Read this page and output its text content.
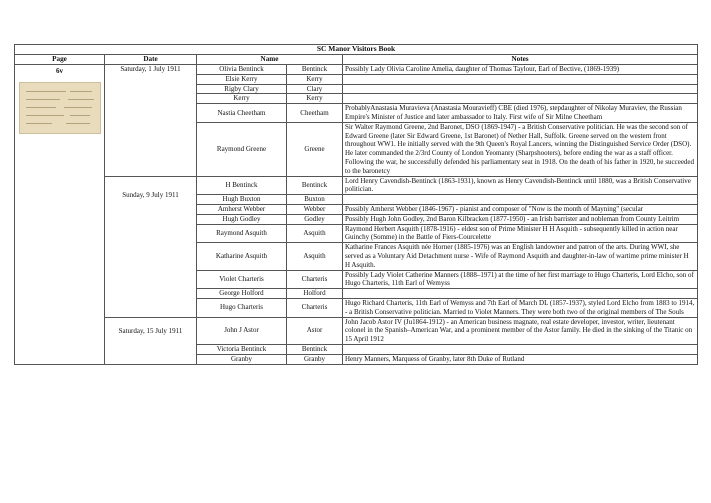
SC Manor Visitors Book				
Page	Date	Name		Notes

6v	Saturday, 1 July 1911	Olivia Bentinck	Bentinck	Possibly Lady Olivia Caroline Amelia, daughter of Thomas Taylour, Earl of Bective, (1869-1939)
		Elsie Kerry	Kerry	
		Rigby Clary	Clary	
		Kerry	Kerry	
		Nastia Cheetham	Cheetham	ProbablyAnastasia Muravieva (Anastasia Mouravieff) CBE (died 1976), stepdaughter of Nikolay Muraviev, the Russian Empire's Minister of Justice and later ambassador to Italy. First wife of Sir Milne Cheetham
		Raymond Greene	Greene	Sir Walter Raymond Greene, 2nd Baronet, DSO (1869-1947) - a British Conservative politician. He was the second son of Edward Greene (later Sir Edward Greene, 1st Baronet) of Nether Hall, Suffolk. Greene served on the western front throughout WW1. He initially served with the 9th Queen's Royal Lancers, winning the Distinguished Service Order (DSO). He later commanded the 2/3rd County of London Yeomanry (Sharpshooters), before ending the war as a staff officer. Following the war, he successfully defended his parliamentary seat in 1918. On the death of his father in 1920, he succeeded to the baronetcy

	Sunday, 9 July 1911	H Bentinck	Bentinck	Lord Henry Cavendish-Bentinck (1863-1931), known as Henry Cavendish-Bentinck until 1880, was a British Conservative politician.
		Hugh Buxton	Buxton	
		Amherst Webber	Webber	Possibly Amherst Webber (1846-1967) - pianist and composer of "Now is the month of Mayning" (secular
		Hugh Godley	Godley	Possibly Hugh John Godley, 2nd Baron Kilbracken (1877-1950) - an Irish barrister and nobleman from County Leitrim
		Raymond Asquith	Asquith	Raymond Herbert Asquith (1878-1916) - eldest son of Prime Minister H H Asquith - subsequently killed in action near Guinchy (Somme) in the Battle of Fiers-Courcelette
		Katharine Asquith	Asquith	Katharine Frances Asquith née Horner (1885-1976) was an English landowner and patron of the arts. During WWI, she served as a Voluntary Aid Detachment nurse - Wife of Raymond Asquith and daughter-in-law of wartime prime minister H H Asquith.
		Violet Charteris	Charteris	Possibly Lady Violet Catherine Manners (1888–1971) at the time of her first marriage to Hugo Charteris, Lord Elcho, son of Hugo Charteris, 11th Earl of Wemyss
		George Holford	Holford	
		Hugo Charteris	Charteris	Hugo Richard Charteris, 11th Earl of Wemyss and 7th Earl of March DL (1857-1937), styled Lord Elcho from 1883 to 1914, - a British Conservative politician. Married to Violet Manners. They were both two of the original members of The Souls

	Saturday, 15 July 1911	John J Astor	Astor	John Jacob Astor IV (Ju1864-1912) - an American business magnate, real estate developer, investor, writer, lieutenant colonel in the Spanish–American War, and a prominent member of the Astor family. He died in the sinking of the Titanic on 15 April 1912
		Victoria Bentinck	Bentinck	
		Granby	Granby	Henry Manners, Marquess of Granby, later 8th Duke of Rutland
